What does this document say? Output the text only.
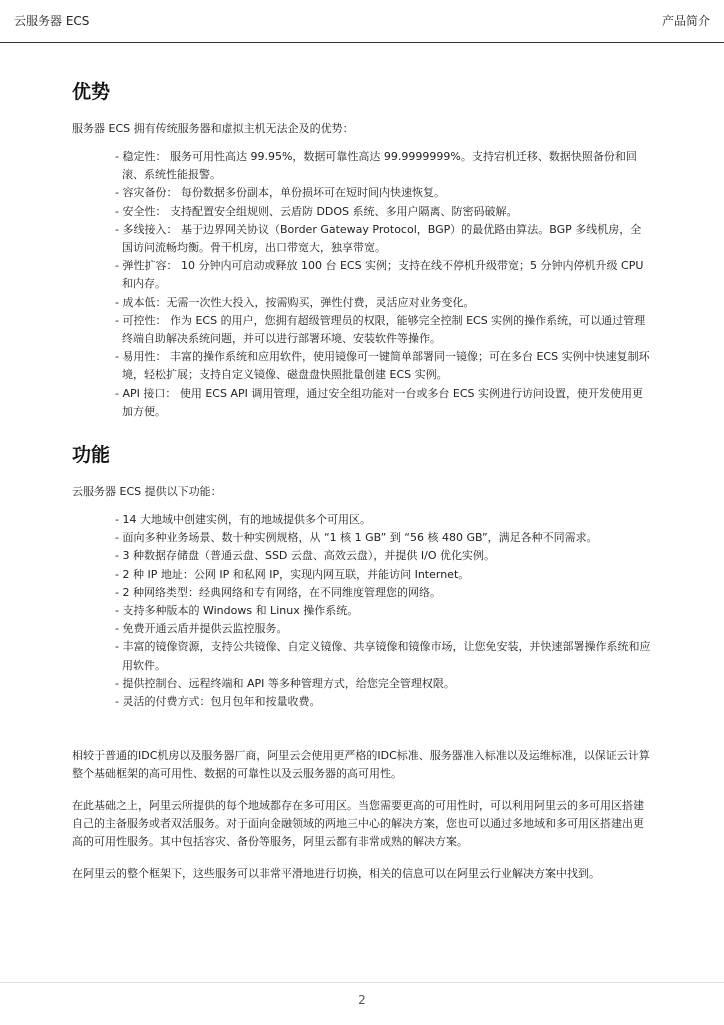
云服务器 ECS	产品简介
优势

服务器 ECS 拥有传统服务器和虚拟主机无法企及的优势：

- 稳定性： 服务可用性高达 99.95%，数据可靠性高达 99.9999999%。支持宕机迁移、数据快照备份和回滚、系统性能报警。
- 容灾备份： 每份数据多份副本，单份损坏可在短时间内快速恢复。
- 安全性： 支持配置安全组规则、云盾防 DDOS 系统、多用户隔离、防密码破解。
- 多线接入： 基于边界网关协议（Border Gateway Protocol，BGP）的最优路由算法。BGP 多线机房，全国访问流畅均衡。骨干机房，出口带宽大，独享带宽。
- 弹性扩容： 10 分钟内可启动或释放 100 台 ECS 实例；支持在线不停机升级带宽；5 分钟内停机升级 CPU 和内存。
- 成本低：无需一次性大投入，按需购买，弹性付费，灵活应对业务变化。
- 可控性： 作为 ECS 的用户，您拥有超级管理员的权限，能够完全控制 ECS 实例的操作系统，可以通过管理终端自助解决系统问题，并可以进行部署环境、安装软件等操作。
- 易用性： 丰富的操作系统和应用软件，使用镜像可一键简单部署同一镜像；可在多台 ECS 实例中快速复制环境，轻松扩展；支持自定义镜像、磁盘盘快照批量创建 ECS 实例。
- API 接口： 使用 ECS API 调用管理，通过安全组功能对一台或多台 ECS 实例进行访问设置，使开发使用更加方便。
功能

云服务器 ECS 提供以下功能：

- 14 大地域中创建实例，有的地域提供多个可用区。
- 面向多种业务场景、数十种实例规格，从 “1 核 1 GB” 到 “56 核 480 GB”，满足各种不同需求。
- 3 种数据存储盘（普通云盘、SSD 云盘、高效云盘），并提供 I/O 优化实例。
- 2 种 IP 地址：公网 IP 和私网 IP，实现内网互联，并能访问 Internet。
- 2 种网络类型：经典网络和专有网络，在不同维度管理您的网络。
- 支持多种版本的 Windows 和 Linux 操作系统。
- 免费开通云盾并提供云监控服务。
- 丰富的镜像资源，支持公共镜像、自定义镜像、共享镜像和镜像市场，让您免安装，并快速部署操作系统和应用软件。
- 提供控制台、远程终端和 API 等多种管理方式，给您完全管理权限。
- 灵活的付费方式：包月包年和按量收费。

相较于普通的IDC机房以及服务器厂商，阿里云会使用更严格的IDC标准、服务器准入标准以及运维标准，以保证云计算整个基础框架的高可用性、数据的可靠性以及云服务器的高可用性。

在此基础之上，阿里云所提供的每个地域都存在多可用区。当您需要更高的可用性时，可以利用阿里云的多可用区搭建自己的主备服务或者双活服务。对于面向金融领域的两地三中心的解决方案，您也可以通过多地域和多可用区搭建出更高的可用性服务。其中包括容灾、备份等服务，阿里云都有非常成熟的解决方案。

在阿里云的整个框架下，这些服务可以非常平滑地进行切换，相关的信息可以在阿里云行业解决方案中找到。

2
